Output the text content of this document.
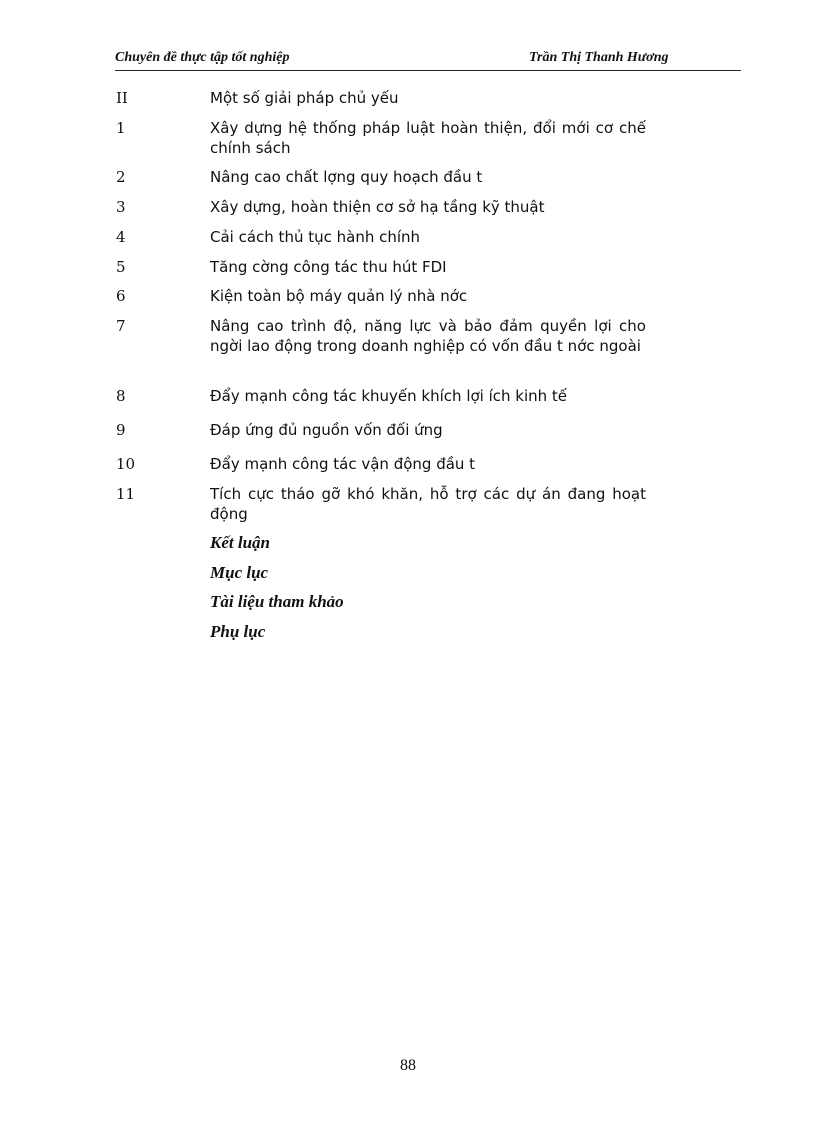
Chuyên đề thực tập tốt nghiệp	Trần Thị Thanh Hương
II	Một số giải pháp chủ yếu
1	Xây dựng hệ thống pháp luật hoàn thiện, đổi mới cơ chế chính sách
2	Nâng cao chất lợng quy hoạch đầu t
3	Xây dựng, hoàn thiện cơ sở hạ tầng kỹ thuật
4	Cải cách thủ tục hành chính
5	Tăng cờng công tác thu hút FDI
6	Kiện toàn bộ máy quản lý nhà nớc
7	Nâng cao trình độ, năng lực và bảo đảm quyền lợi cho ngời lao động trong doanh nghiệp có vốn đầu t nớc ngoài
8	Đẩy mạnh công tác khuyến khích lợi ích kinh tế
9	Đáp ứng đủ nguồn vốn đối ứng
10	Đẩy mạnh công tác vận động đầu t
11	Tích cực tháo gỡ khó khăn, hỗ trợ các dự án đang hoạt động
Kết luận
Mục lục
Tài liệu tham khảo
Phụ lục
88
